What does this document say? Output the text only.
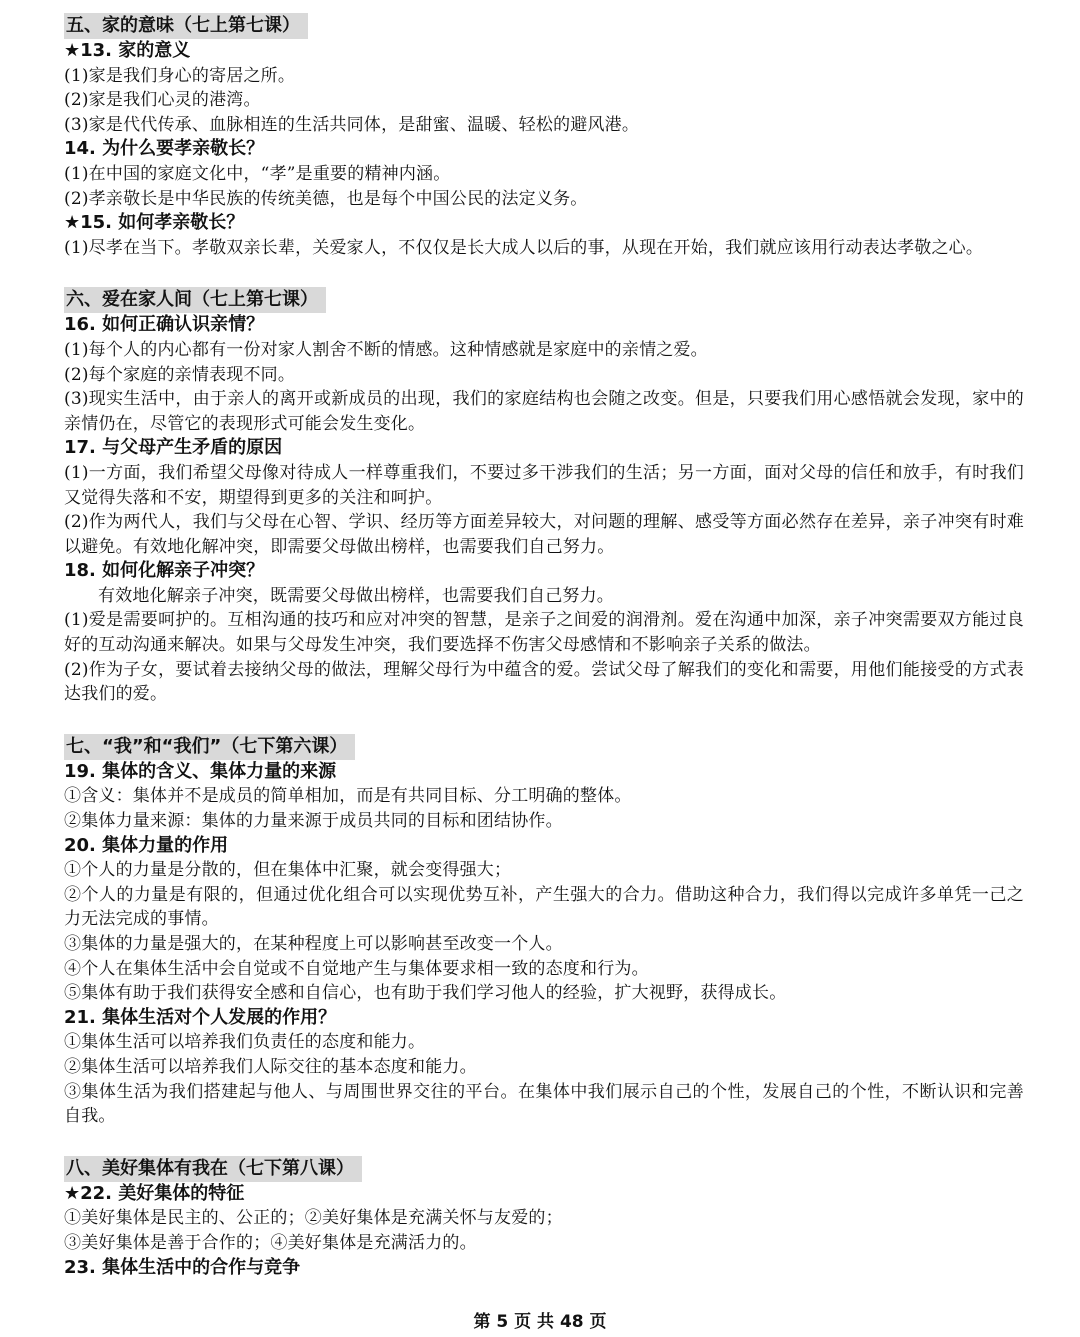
五、家的意味（七上第七课）
★13. 家的意义
(1)家是我们身心的寄居之所。
(2)家是我们心灵的港湾。
(3)家是代代传承、血脉相连的生活共同体，是甜蜜、温暖、轻松的避风港。
14. 为什么要孝亲敬长？
(1)在中国的家庭文化中，“孝”是重要的精神内涵。
(2)孝亲敬长是中华民族的传统美德，也是每个中国公民的法定义务。
★15. 如何孝亲敬长？
(1)尽孝在当下。孝敬双亲长辈，关爱家人，不仅仅是长大成人以后的事，从现在开始，我们就应该用行动表达孝敬之心。
六、爱在家人间（七上第七课）
16. 如何正确认识亲情？
(1)每个人的内心都有一份对家人割舍不断的情感。这种情感就是家庭中的亲情之爱。
(2)每个家庭的亲情表现不同。
(3)现实生活中，由于亲人的离开或新成员的出现，我们的家庭结构也会随之改变。但是，只要我们用心感悟就会发现，家中的亲情仍在，尽管它的表现形式可能会发生变化。
17. 与父母产生矛盾的原因
(1)一方面，我们希望父母像对待成人一样尊重我们，不要过多干涉我们的生活；另一方面，面对父母的信任和放手，有时我们又觉得失落和不安，期望得到更多的关注和呵护。
(2)作为两代人，我们与父母在心智、学识、经历等方面差异较大，对问题的理解、感受等方面必然存在差异，亲子冲突有时难以避免。有效地化解冲突，即需要父母做出榜样，也需要我们自己努力。
18. 如何化解亲子冲突？
有效地化解亲子冲突，既需要父母做出榜样，也需要我们自己努力。
(1)爱是需要呵护的。互相沟通的技巧和应对冲突的智慧，是亲子之间爱的润滑剂。爱在沟通中加深，亲子冲突需要双方能过良好的互动沟通来解决。如果与父母发生冲突，我们要选择不伤害父母感情和不影响亲子关系的做法。
(2)作为子女，要试着去接纳父母的做法，理解父母行为中蕴含的爱。尝试父母了解我们的变化和需要，用他们能接受的方式表达我们的爱。
七、“我”和“我们”（七下第六课）
19. 集体的含义、集体力量的来源
①含义：集体并不是成员的简单相加，而是有共同目标、分工明确的整体。
②集体力量来源：集体的力量来源于成员共同的目标和团结协作。
20. 集体力量的作用
①个人的力量是分散的，但在集体中汇聚，就会变得强大；
②个人的力量是有限的，但通过优化组合可以实现优势互补，产生强大的合力。借助这种合力，我们得以完成许多单凭一己之力无法完成的事情。
③集体的力量是强大的，在某种程度上可以影响甚至改变一个人。
④个人在集体生活中会自觉或不自觉地产生与集体要求相一致的态度和行为。
⑤集体有助于我们获得安全感和自信心，也有助于我们学习他人的经验，扩大视野，获得成长。
21. 集体生活对个人发展的作用？
①集体生活可以培养我们负责任的态度和能力。
②集体生活可以培养我们人际交往的基本态度和能力。
③集体生活为我们搭建起与他人、与周围世界交往的平台。在集体中我们展示自己的个性，发展自己的个性，不断认识和完善自我。
八、美好集体有我在（七下第八课）
★22. 美好集体的特征
①美好集体是民主的、公正的；②美好集体是充满关怀与友爱的；
③美好集体是善于合作的；④美好集体是充满活力的。
23. 集体生活中的合作与竞争
第 5 页 共 48 页
